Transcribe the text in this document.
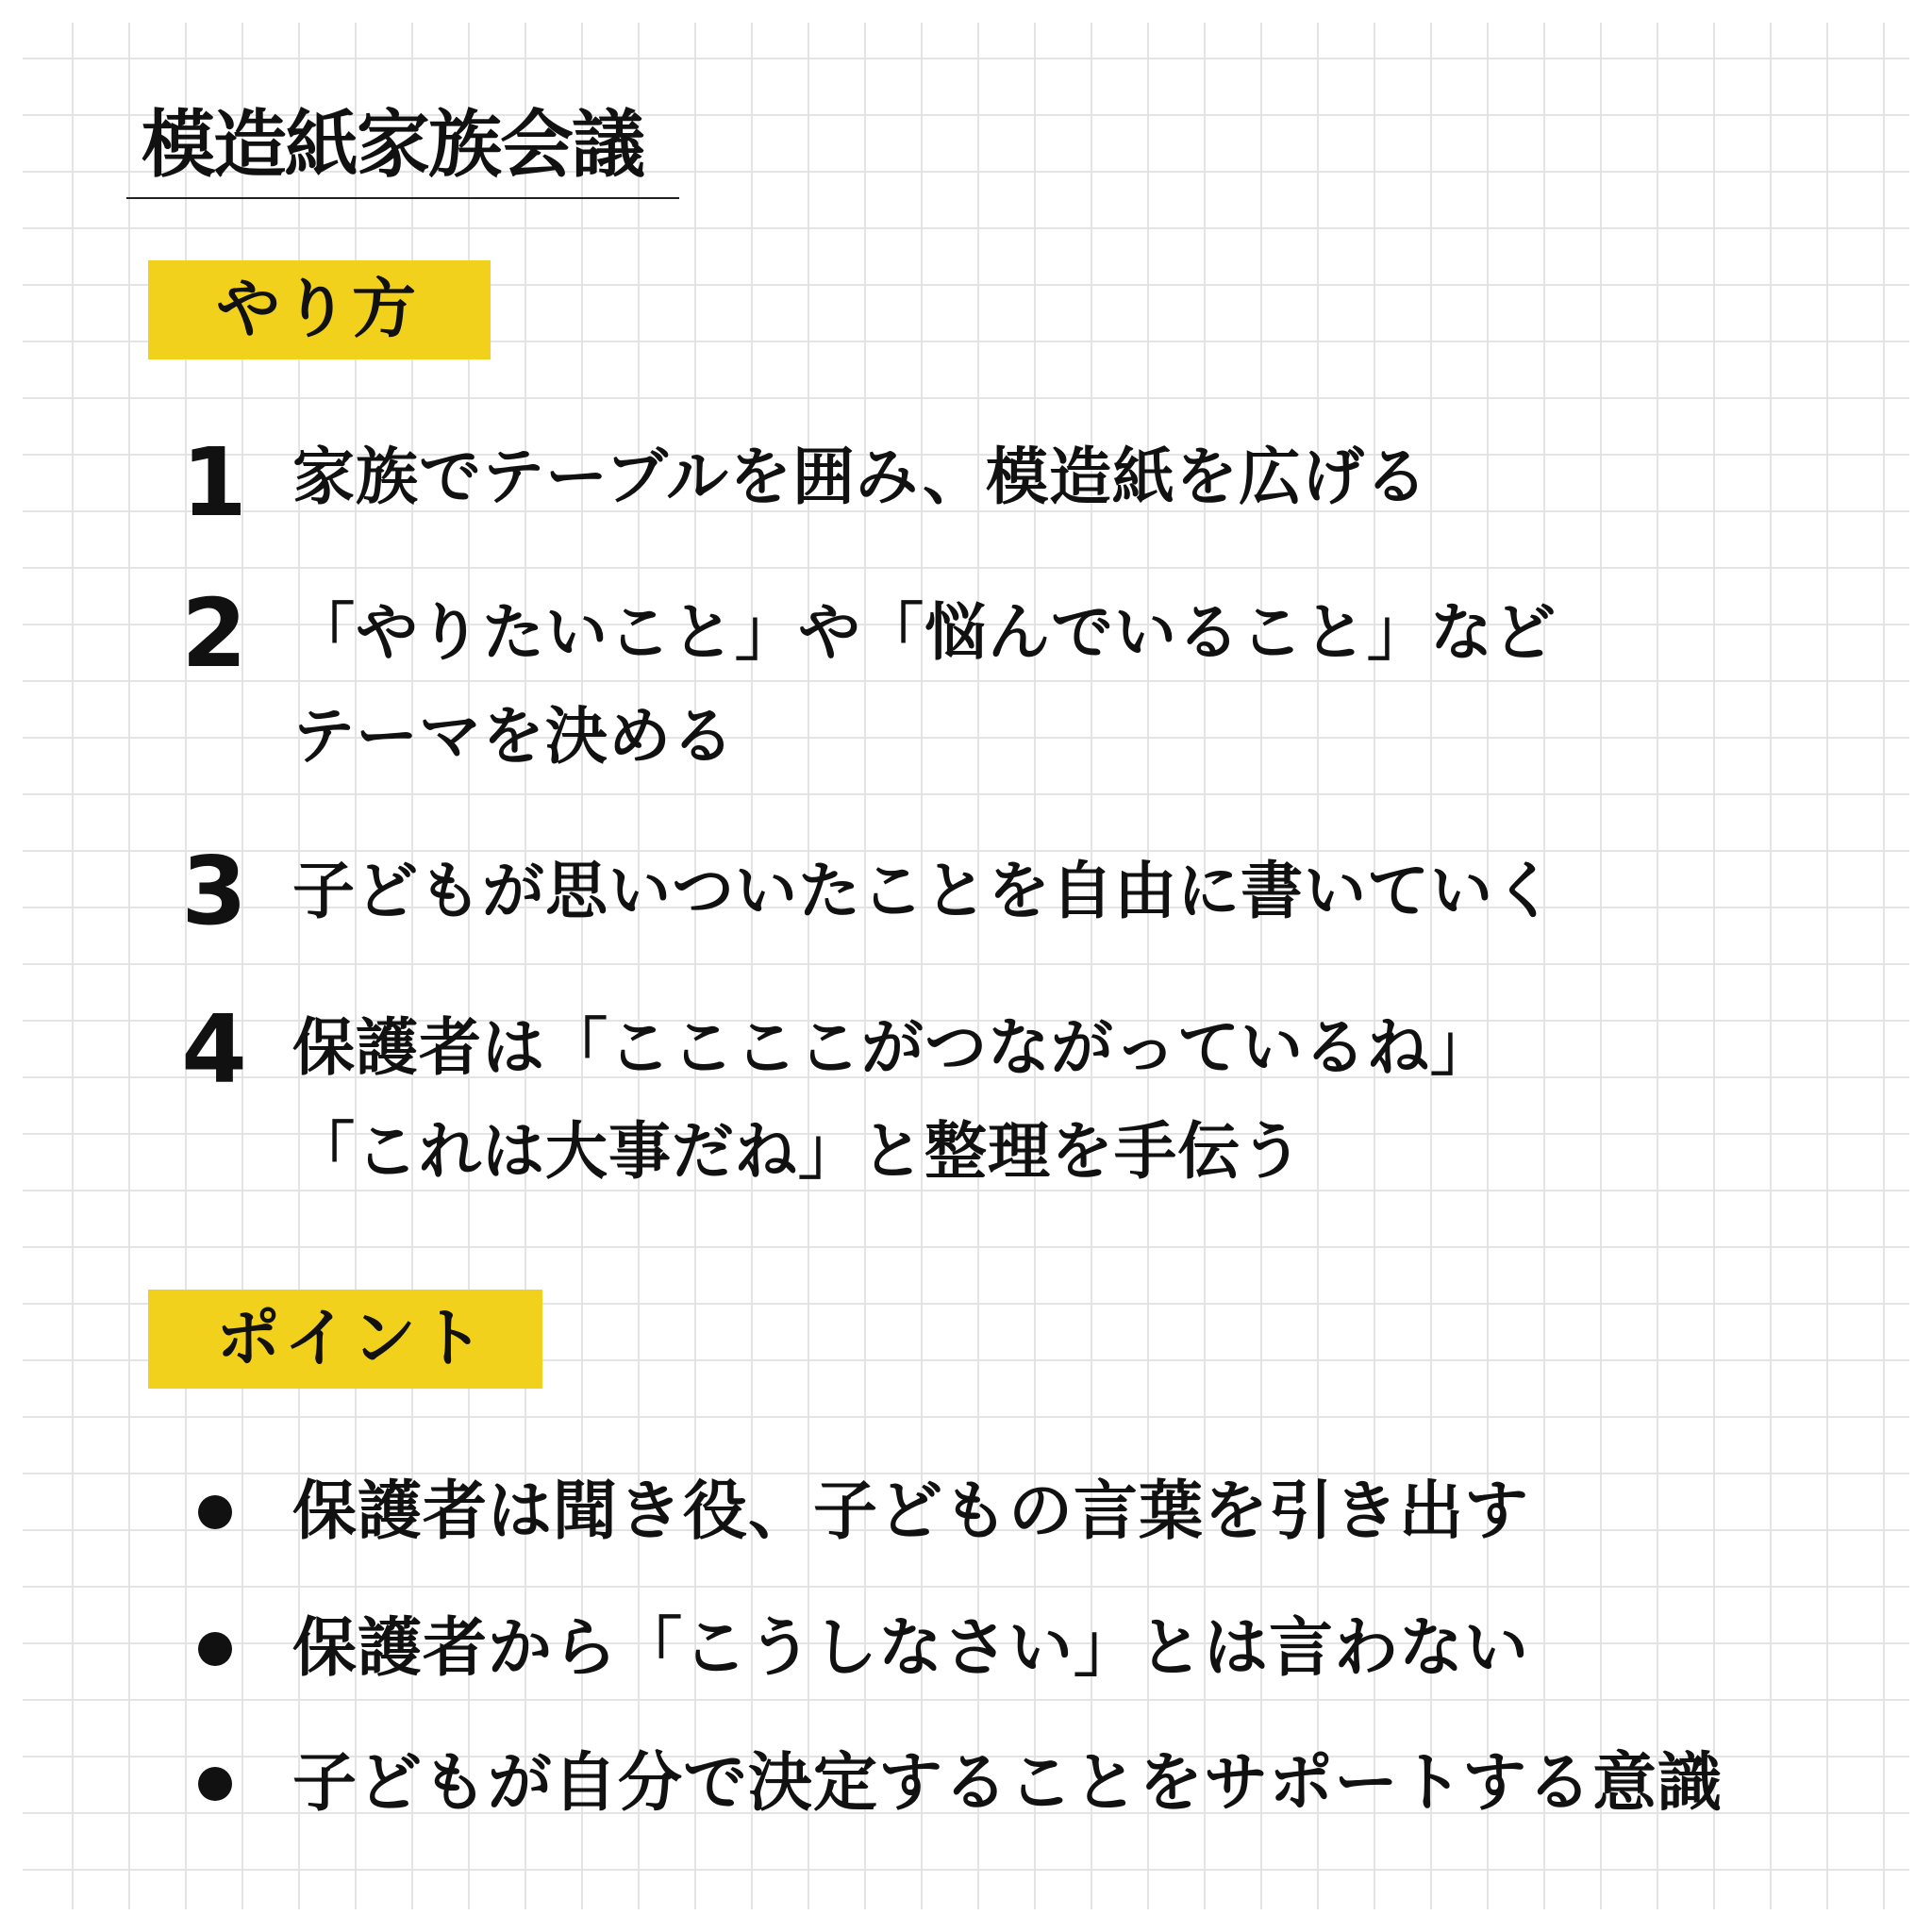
模造紙家族会議
やり方
1 家族でテーブルを囲み、模造紙を広げる

2 「やりたいこと」や「悩んでいること」など
テーマを決める

3 子どもが思いついたことを自由に書いていく

4 保護者は「ここここがつながっているね」
「これは大事だね」と整理を手伝う

ポイント

保護者は聞き役、子どもの言葉を引き出す

保護者から「こうしなさい」とは言わない

子どもが自分で決定することをサポートする意識
